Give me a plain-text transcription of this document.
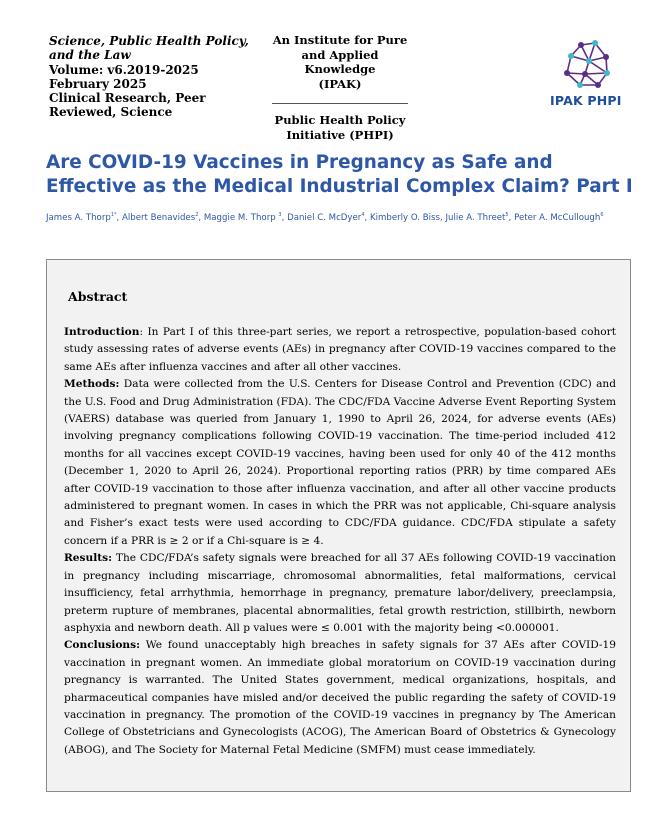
Science, Public Health Policy,
and the Law
Volume: v6.2019-2025
February 2025
Clinical Research, Peer
Reviewed, Science
An Institute for Pure
and Applied Knowledge
(IPAK)
Public Health Policy
Initiative (PHPI)
IPAK PHPI
Are COVID-19 Vaccines in Pregnancy as Safe and Effective as the Medical Industrial Complex Claim? Part I
James A. Thorp$^{1*}$, Albert Benavides$^2$, Maggie M. Thorp $^3$, Daniel C. McDyer$^4$, Kimberly O. Biss, Julie A. Threet$^5$, Peter A. McCullough$^6$
Abstract

Introduction: In Part I of this three-part series, we report a retrospective, population-based cohort study assessing rates of adverse events (AEs) in pregnancy after COVID-19 vaccines compared to the same AEs after influenza vaccines and after all other vaccines.

Methods: Data were collected from the U.S. Centers for Disease Control and Prevention (CDC) and the U.S. Food and Drug Administration (FDA). The CDC/FDA Vaccine Adverse Event Reporting System (VAERS) database was queried from January 1, 1990 to April 26, 2024, for adverse events (AEs) involving pregnancy complications following COVID-19 vaccination. The time-period included 412 months for all vaccines except COVID-19 vaccines, having been used for only 40 of the 412 months (December 1, 2020 to April 26, 2024). Proportional reporting ratios (PRR) by time compared AEs after COVID-19 vaccination to those after influenza vaccination, and after all other vaccine products administered to pregnant women. In cases in which the PRR was not applicable, Chi-square analysis and Fisher’s exact tests were used according to CDC/FDA guidance. CDC/FDA stipulate a safety concern if a PRR is ≥ 2 or if a Chi-square is ≥ 4.

Results: The CDC/FDA’s safety signals were breached for all 37 AEs following COVID-19 vaccination in pregnancy including miscarriage, chromosomal abnormalities, fetal malformations, cervical insufficiency, fetal arrhythmia, hemorrhage in pregnancy, premature labor/delivery, preeclampsia, preterm rupture of membranes, placental abnormalities, fetal growth restriction, stillbirth, newborn asphyxia and newborn death. All p values were ≤ 0.001 with the majority being <0.000001.

Conclusions: We found unacceptably high breaches in safety signals for 37 AEs after COVID-19 vaccination in pregnant women. An immediate global moratorium on COVID-19 vaccination during pregnancy is warranted. The United States government, medical organizations, hospitals, and pharmaceutical companies have misled and/or deceived the public regarding the safety of COVID-19 vaccination in pregnancy. The promotion of the COVID-19 vaccines in pregnancy by The American College of Obstetricians and Gynecologists (ACOG), The American Board of Obstetrics & Gynecology (ABOG), and The Society for Maternal Fetal Medicine (SMFM) must cease immediately.
